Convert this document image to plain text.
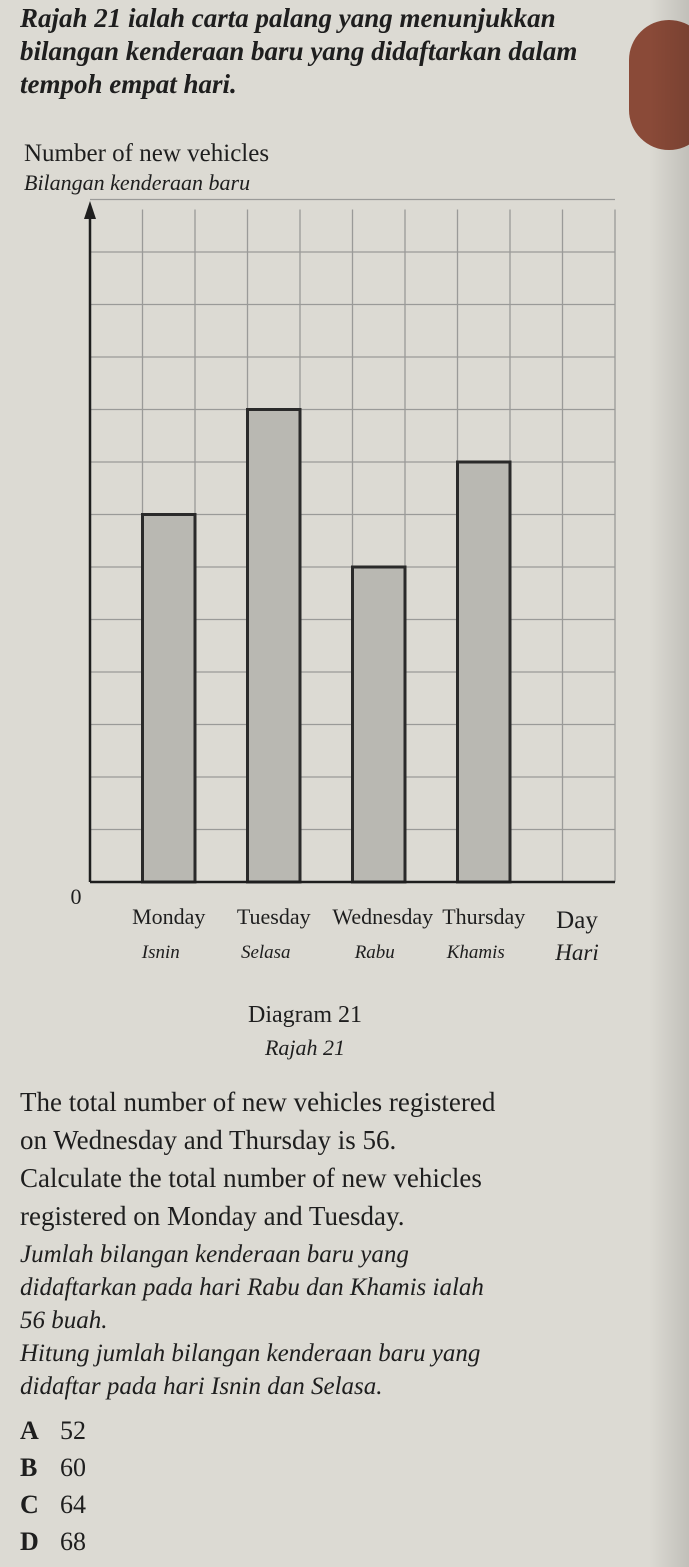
Rajah 21 ialah carta palang yang menunjukkan
bilangan kenderaan baru yang didaftarkan dalam
tempoh empat hari.
Number of new vehicles
Bilangan kenderaan baru
0
Monday
Isnin
Tuesday
Selasa
Wednesday
Rabu
Thursday
Khamis
Day
Hari
Diagram 21
Rajah 21
The total number of new vehicles registered
on Wednesday and Thursday is 56.
Calculate the total number of new vehicles
registered on Monday and Tuesday.
Jumlah bilangan kenderaan baru yang
didaftarkan pada hari Rabu dan Khamis ialah
56 buah.
Hitung jumlah bilangan kenderaan baru yang
didaftar pada hari Isnin dan Selasa.
A 52
B 60
C 64
D 68
